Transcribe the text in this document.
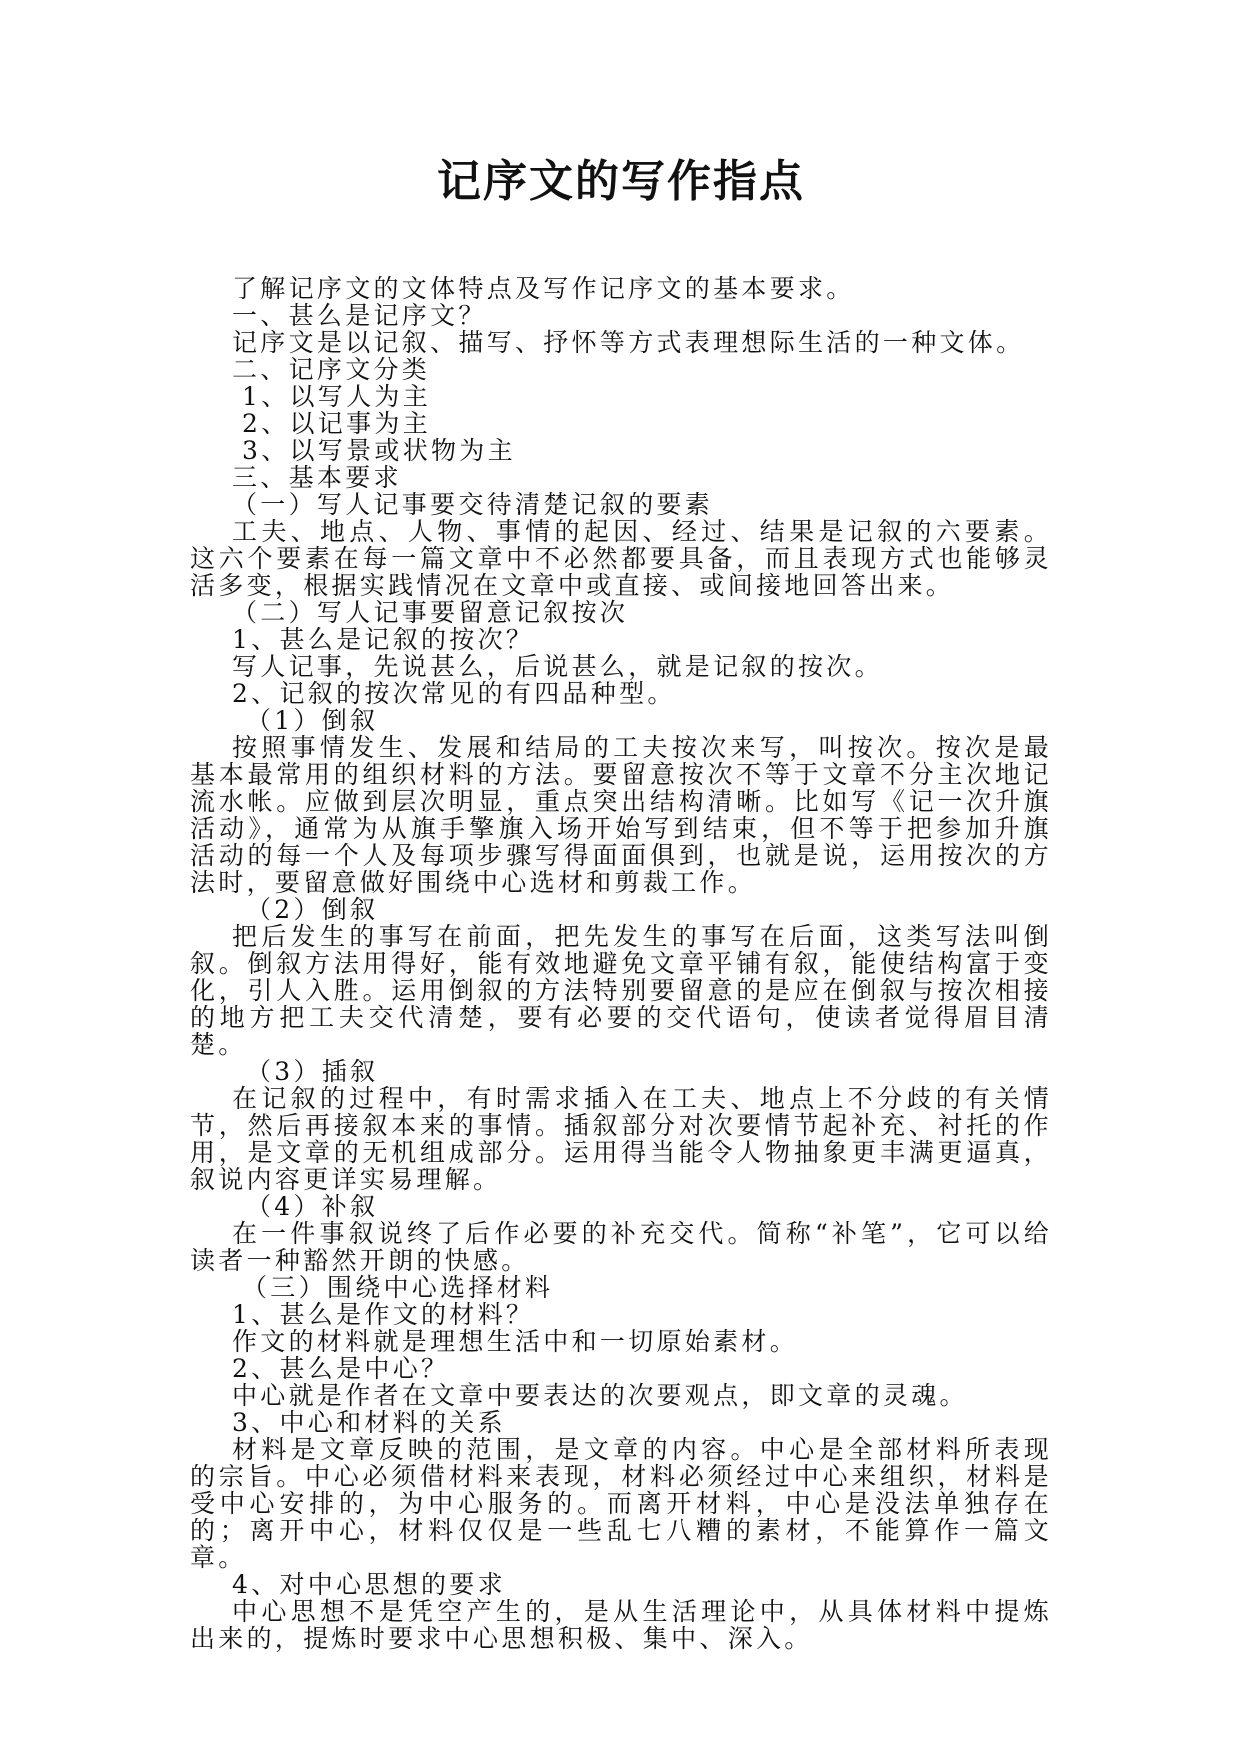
记序文的写作指点

了解记序文的文体特点及写作记序文的基本要求。

一、甚么是记序文？

记序文是以记叙、描写、抒怀等方式表理想际生活的一种文体。

二、记序文分类

1、以写人为主

2、以记事为主

3、以写景或状物为主

三、基本要求

（一）写人记事要交待清楚记叙的要素

工夫、地点、人物、事情的起因、经过、结果是记叙的六要素。这六个要素在每一篇文章中不必然都要具备，而且表现方式也能够灵活多变，根据实践情况在文章中或直接、或间接地回答出来。

（二）写人记事要留意记叙按次

1、甚么是记叙的按次？

写人记事，先说甚么，后说甚么，就是记叙的按次。

2、记叙的按次常见的有四品种型。

（1）倒叙

按照事情发生、发展和结局的工夫按次来写，叫按次。按次是最基本最常用的组织材料的方法。要留意按次不等于文章不分主次地记流水帐。应做到层次明显，重点突出结构清晰。比如写《记一次升旗活动》，通常为从旗手擎旗入场开始写到结束，但不等于把参加升旗活动的每一个人及每项步骤写得面面俱到，也就是说，运用按次的方法时，要留意做好围绕中心选材和剪裁工作。

（2）倒叙

把后发生的事写在前面，把先发生的事写在后面，这类写法叫倒叙。倒叙方法用得好，能有效地避免文章平铺有叙，能使结构富于变化，引人入胜。运用倒叙的方法特别要留意的是应在倒叙与按次相接的地方把工夫交代清楚，要有必要的交代语句，使读者觉得眉目清楚。

（3）插叙

在记叙的过程中，有时需求插入在工夫、地点上不分歧的有关情节，然后再接叙本来的事情。插叙部分对次要情节起补充、衬托的作用，是文章的无机组成部分。运用得当能令人物抽象更丰满更逼真，叙说内容更详实易理解。

（4）补叙

在一件事叙说终了后作必要的补充交代。简称“补笔”，它可以给读者一种豁然开朗的快感。

（三）围绕中心选择材料

1、甚么是作文的材料？

作文的材料就是理想生活中和一切原始素材。

2、甚么是中心？

中心就是作者在文章中要表达的次要观点，即文章的灵魂。

3、中心和材料的关系

材料是文章反映的范围，是文章的内容。中心是全部材料所表现的宗旨。中心必须借材料来表现，材料必须经过中心来组织，材料是受中心安排的，为中心服务的。而离开材料，中心是没法单独存在的；离开中心，材料仅仅是一些乱七八糟的素材，不能算作一篇文章。

4、对中心思想的要求

中心思想不是凭空产生的，是从生活理论中，从具体材料中提炼出来的，提炼时要求中心思想积极、集中、深入。
